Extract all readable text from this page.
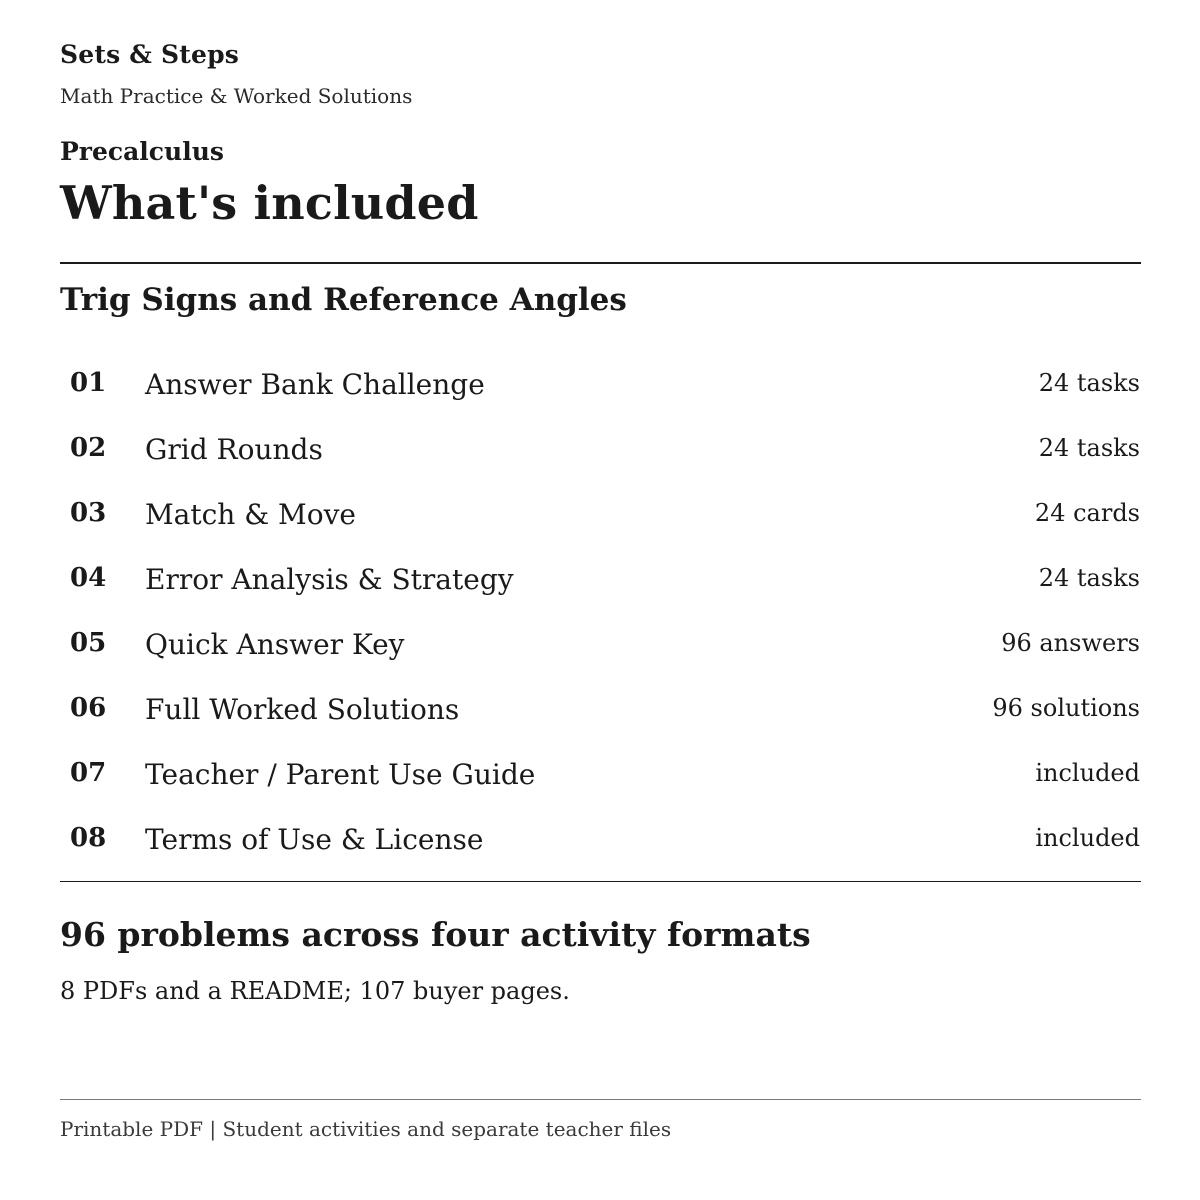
Sets & Steps
Math Practice & Worked Solutions
Precalculus
What's included
Trig Signs and Reference Angles
01 Answer Bank Challenge	24 tasks
02 Grid Rounds	24 tasks
03 Match & Move	24 cards
04 Error Analysis & Strategy	24 tasks
05 Quick Answer Key	96 answers
06 Full Worked Solutions	96 solutions
07 Teacher / Parent Use Guide	included
08 Terms of Use & License	included
96 problems across four activity formats
8 PDFs and a README; 107 buyer pages.
Printable PDF | Student activities and separate teacher files
